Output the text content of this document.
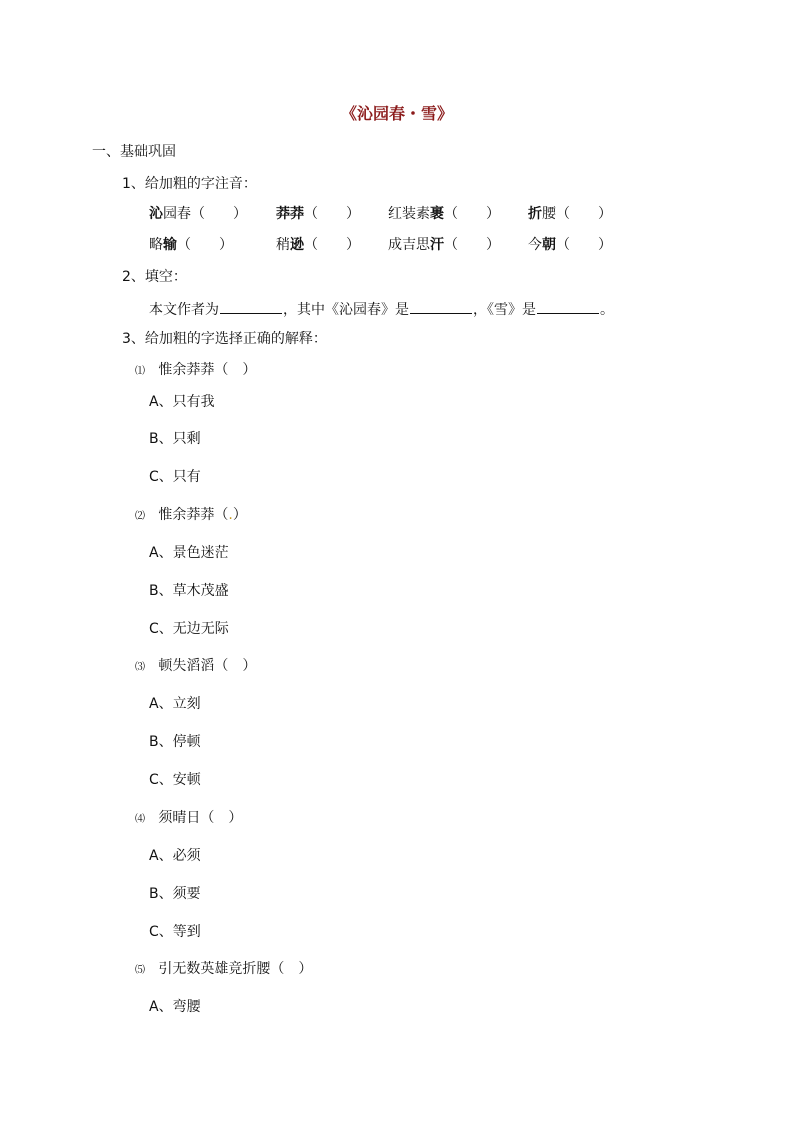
《沁园春・雪》
一、基础巩固
1、给加粗的字注音：
沁园春（　　） 莽莽（　　） 红装素裹（　　） 折腰（　　）
略输（　　）	稍逊（　　） 成吉思汗（　　） 今朝（　　）
2、填空：
本文作者为	，其中《沁园春》是	，《雪》是	。
3、给加粗的字选择正确的解释：
⑴ 惟余莽莽（　）
A、只有我
B、只剩
C、只有
⑵ 惟余莽莽（.）
A、景色迷茫
B、草木茂盛
C、无边无际
⑶ 顿失滔滔（　）
A、立刻
B、停顿
C、安顿
⑷ 须晴日（　）
A、必须
B、须要
C、等到
⑸ 引无数英雄竞折腰（　）
A、弯腰
